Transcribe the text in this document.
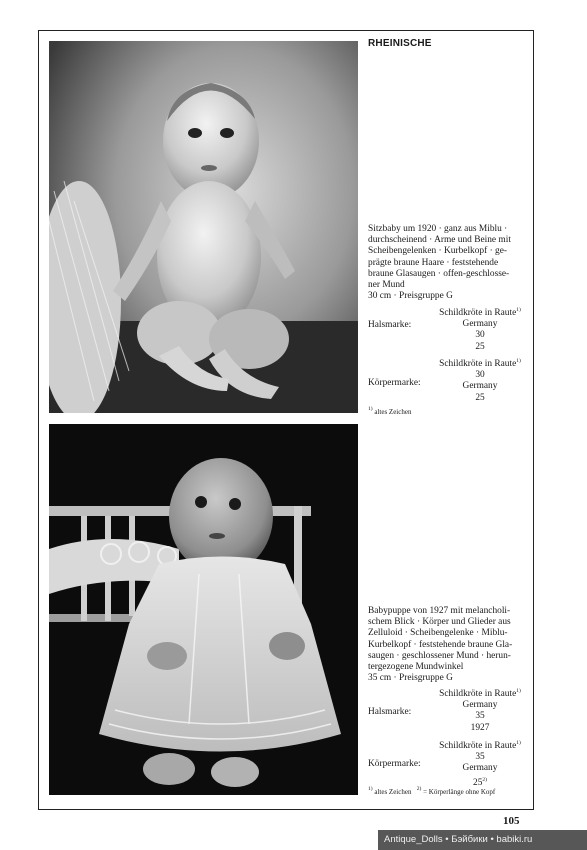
RHEINISCHE
Sitzbaby um 1920 · ganz aus Miblu ·
durchscheinend · Arme und Beine mit
Scheibengelenken · Kurbelkopf · ge-
prägte braune Haare · feststehende
braune Glasaugen · offen-geschlosse-
ner Mund
30 cm · Preisgruppe G
Halsmarke:
Schildkröte in Raute$^{1)}$
Germany
30
25
Körpermarke:
Schildkröte in Raute$^{1)}$
30
Germany
25
$^{1)}$ altes Zeichen
Babypuppe von 1927 mit melancholi-
schem Blick · Körper und Glieder aus
Zelluloid · Scheibengelenke · Miblu-
Kurbelkopf · feststehende braune Gla-
saugen · geschlossener Mund · herun-
tergezogene Mundwinkel
35 cm · Preisgruppe G
Halsmarke:
Schildkröte in Raute$^{1)}$
Germany
35
1927
Körpermarke:
Schildkröte in Raute$^{1)}$
35
Germany
25$^{2)}$
$^{1)}$ altes Zeichen $^{2)}$ = Körperlänge ohne Kopf
105
Antique_Dolls • Бэйбики • babiki.ru
